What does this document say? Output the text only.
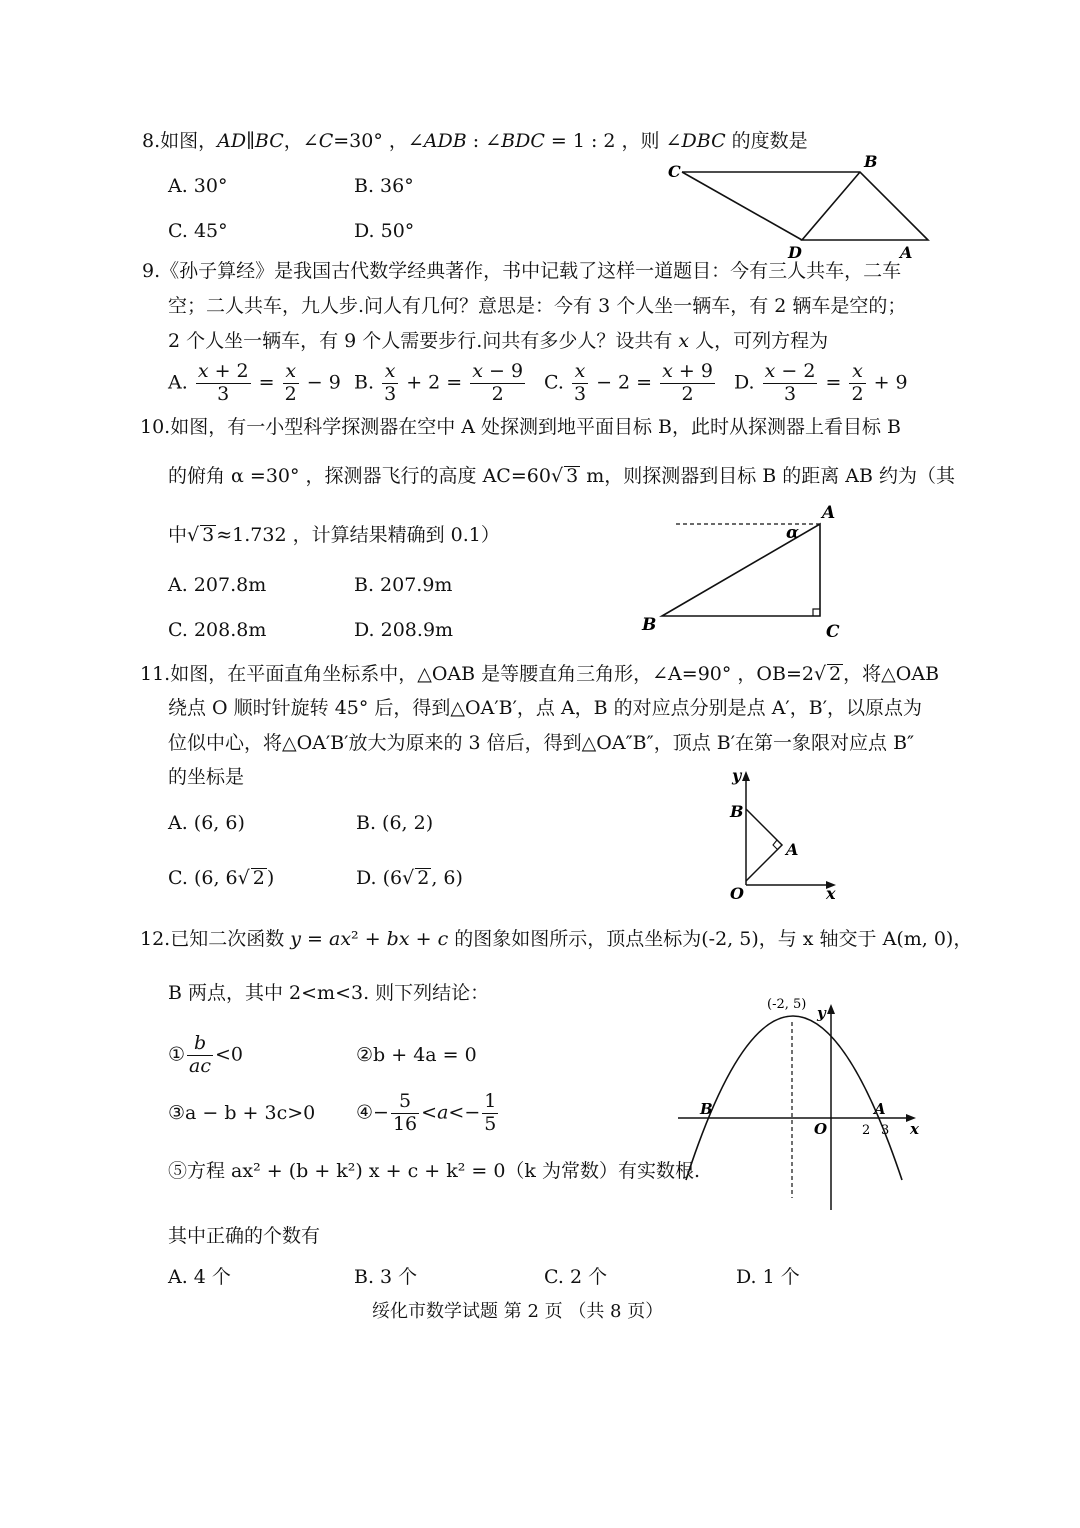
8.如图，AD∥BC，∠C=30° ，∠ADB : ∠BDC = 1 : 2 ，则 ∠DBC 的度数是
A. 30°	B. 36°
C. 45°	D. 50°
C
B
D	A
9.《孙子算经》是我国古代数学经典著作，书中记载了这样一道题目：今有三人共车，二车
空；二人共车，九人步.问人有几何？意思是：今有 3 个人坐一辆车，有 2 辆车是空的；
2 个人坐一辆车，有 9 个人需要步行.问共有多少人？设共有 x 人，可列方程为
A. $\frac{x + 2}{3} = \frac{x}{2} - 9$ B. $\frac{x}{3} + 2 = \frac{x - 9}{2} C$. $\frac{x}{3} - 2 = \frac{x + 9}{2} D$. $\frac{x - 2}{3} = \frac{x}{2} + 9$
10.如图，有一小型科学探测器在空中 A 处探测到地平面目标 B，此时从探测器上看目标 B
的俯角 α =30° ，探测器飞行的高度 AC=60 √ 3 m，则探测器到目标 B 的距离 AB 约为（其
中 √ 3 ≈1.732 ，计算结果精确到 0.1）
A. 207.8m	B. 207.9m
C. 208.8m	D. 208.9m
A
α
B	C
11.如图，在平面直角坐标系中，△OAB 是等腰直角三角形，∠A=90° ，OB=2 √ 2 ，将△OAB
绕点 O 顺时针旋转 45° 后，得到△OA′B′，点 A，B 的对应点分别是点 A′，B′，以原点为
位似中心，将△OA′B′放大为原来的 3 倍后，得到△OA″B″，顶点 B′在第一象限对应点 B″
的坐标是
A. (6, 6)	B. (6, 2)
C. (6, 6 √ 2 )	D. (6 √ 2 , 6)
y
B
A
O	x
12.已知二次函数 y = ax² + bx + c 的图象如图所示，顶点坐标为(-2, 5)，与 x 轴交于 A(m, 0)，
B 两点，其中 2<m<3. 则下列结论：
① $\frac{b}{ac} <0$	②b + 4a = 0
③a − b + 3c>0 ④− $\frac{5}{16} <a<- \frac{1}{5}$
⑤方程 ax² + (b + k²) x + c + k² = 0（k 为常数）有实数根.
其中正确的个数有
A. 4 个	B. 3 个	C. 2 个	D. 1 个
(-2, 5) y
B	A
O	2 3 x
绥化市数学试题 第 2 页 （共 8 页）
